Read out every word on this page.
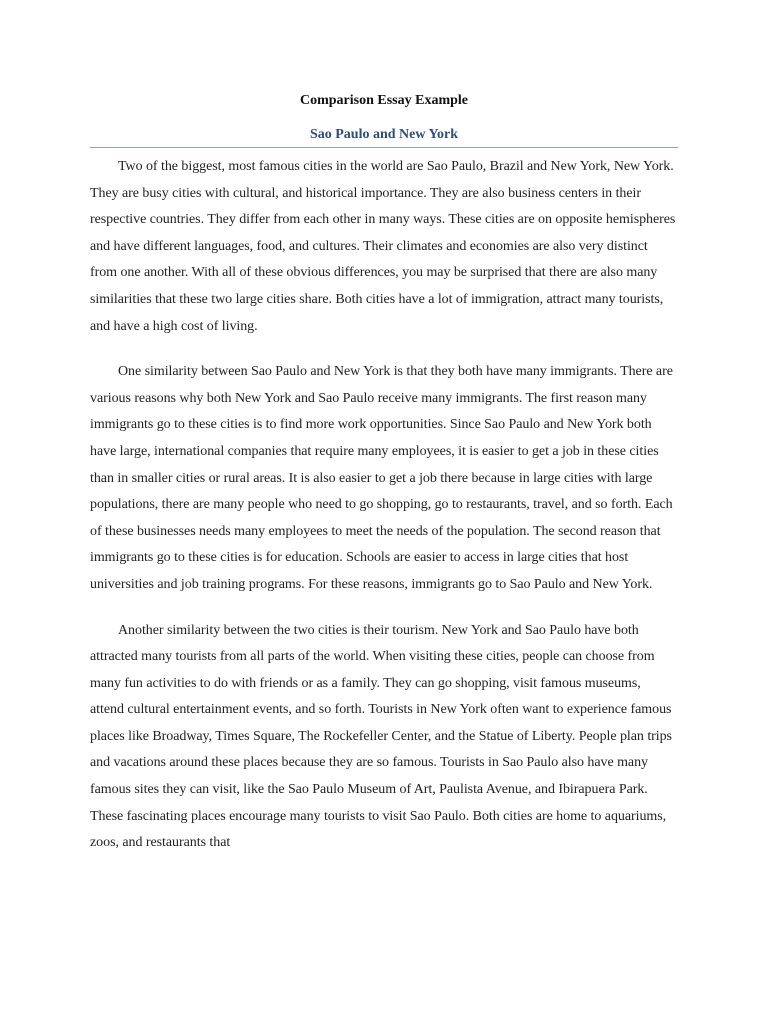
Comparison Essay Example
Sao Paulo and New York

Two of the biggest, most famous cities in the world are Sao Paulo, Brazil and New York, New York. They are busy cities with cultural, and historical importance. They are also business centers in their respective countries. They differ from each other in many ways. These cities are on opposite hemispheres and have different languages, food, and cultures. Their climates and economies are also very distinct from one another. With all of these obvious differences, you may be surprised that there are also many similarities that these two large cities share. Both cities have a lot of immigration, attract many tourists, and have a high cost of living.

One similarity between Sao Paulo and New York is that they both have many immigrants. There are various reasons why both New York and Sao Paulo receive many immigrants. The first reason many immigrants go to these cities is to find more work opportunities. Since Sao Paulo and New York both have large, international companies that require many employees, it is easier to get a job in these cities than in smaller cities or rural areas. It is also easier to get a job there because in large cities with large populations, there are many people who need to go shopping, go to restaurants, travel, and so forth. Each of these businesses needs many employees to meet the needs of the population. The second reason that immigrants go to these cities is for education. Schools are easier to access in large cities that host universities and job training programs. For these reasons, immigrants go to Sao Paulo and New York.

Another similarity between the two cities is their tourism. New York and Sao Paulo have both attracted many tourists from all parts of the world. When visiting these cities, people can choose from many fun activities to do with friends or as a family. They can go shopping, visit famous museums, attend cultural entertainment events, and so forth. Tourists in New York often want to experience famous places like Broadway, Times Square, The Rockefeller Center, and the Statue of Liberty. People plan trips and vacations around these places because they are so famous. Tourists in Sao Paulo also have many famous sites they can visit, like the Sao Paulo Museum of Art, Paulista Avenue, and Ibirapuera Park. These fascinating places encourage many tourists to visit Sao Paulo. Both cities are home to aquariums, zoos, and restaurants that
